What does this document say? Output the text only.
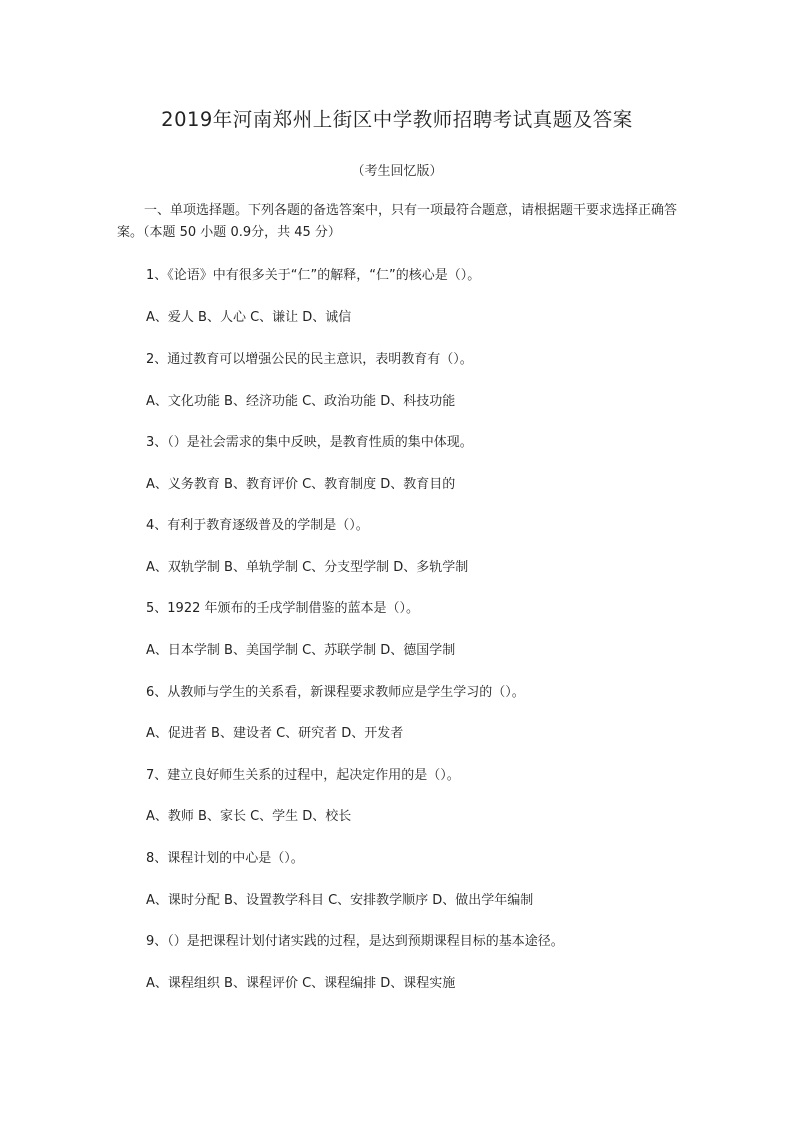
2019年河南郑州上街区中学教师招聘考试真题及答案
（考生回忆版）
一、单项选择题。下列各题的备选答案中，只有一项最符合题意，请根据题干要求选择正确答案。（本题 50 小题 0.9分，共 45 分）
1、《论语》中有很多关于“仁”的解释，“仁”的核心是（）。
A、爱人 B、人心 C、谦让 D、诚信
2、通过教育可以增强公民的民主意识，表明教育有（）。
A、文化功能 B、经济功能 C、政治功能 D、科技功能
3、（）是社会需求的集中反映，是教育性质的集中体现。
A、义务教育 B、教育评价 C、教育制度 D、教育目的
4、有利于教育逐级普及的学制是（）。
A、双轨学制 B、单轨学制 C、分支型学制 D、多轨学制
5、1922 年颁布的壬戌学制借鉴的蓝本是（）。
A、日本学制 B、美国学制 C、苏联学制 D、德国学制
6、从教师与学生的关系看，新课程要求教师应是学生学习的（）。
A、促进者 B、建设者 C、研究者 D、开发者
7、建立良好师生关系的过程中，起决定作用的是（）。
A、教师 B、家长 C、学生 D、校长
8、课程计划的中心是（）。
A、课时分配 B、设置教学科目 C、安排教学顺序 D、做出学年编制
9、（）是把课程计划付诸实践的过程，是达到预期课程目标的基本途径。
A、课程组织 B、课程评价 C、课程编排 D、课程实施
